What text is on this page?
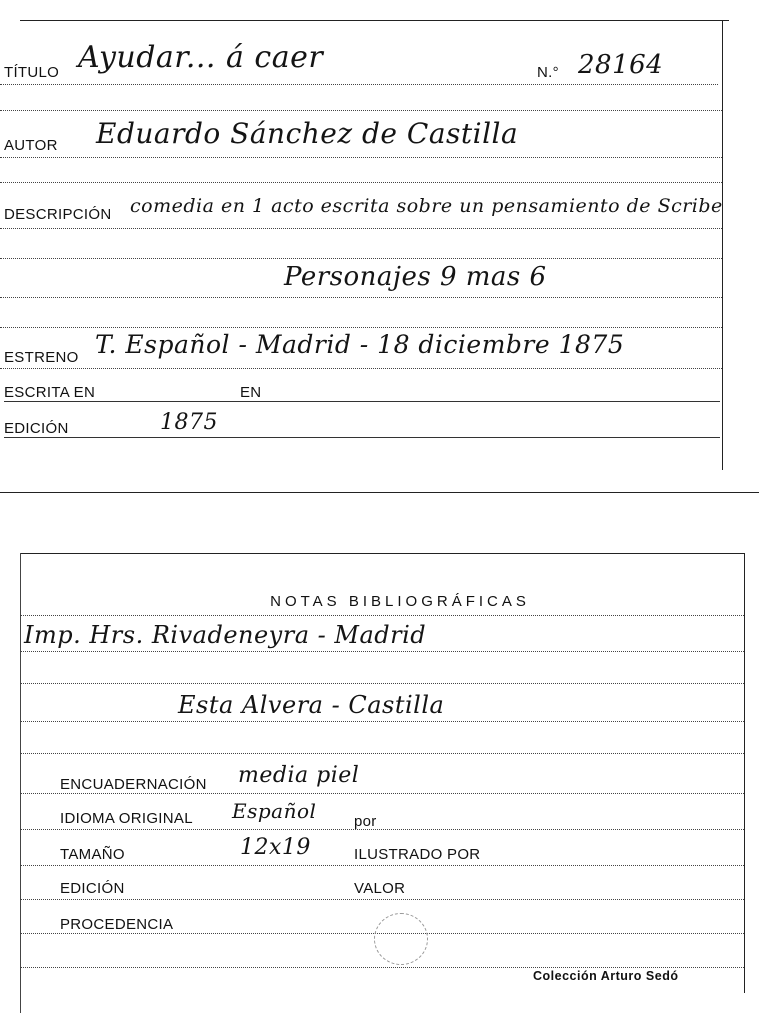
TÍTULO Ayudar... á caer	N.° 28164
AUTOR Eduardo Sánchez de Castilla
DESCRIPCIÓN comedia en 1 acto escrita sobre un pensamiento de Scribe
Personajes 9 mas 6
ESTRENO T. Español - Madrid - 18 diciembre 1875
ESCRITA EN	EN
EDICIÓN	1875
NOTAS BIBLIOGRÁFICAS
Imp. Hrs. Rivadeneyra - Madrid
Esta Alvera - Castilla
ENCUADERNACIÓN media piel
IDIOMA ORIGINAL Español	por
TAMAÑO	12x19	ILUSTRADO POR
EDICIÓN	VALOR
PROCEDENCIA
Colección Arturo Sedó
